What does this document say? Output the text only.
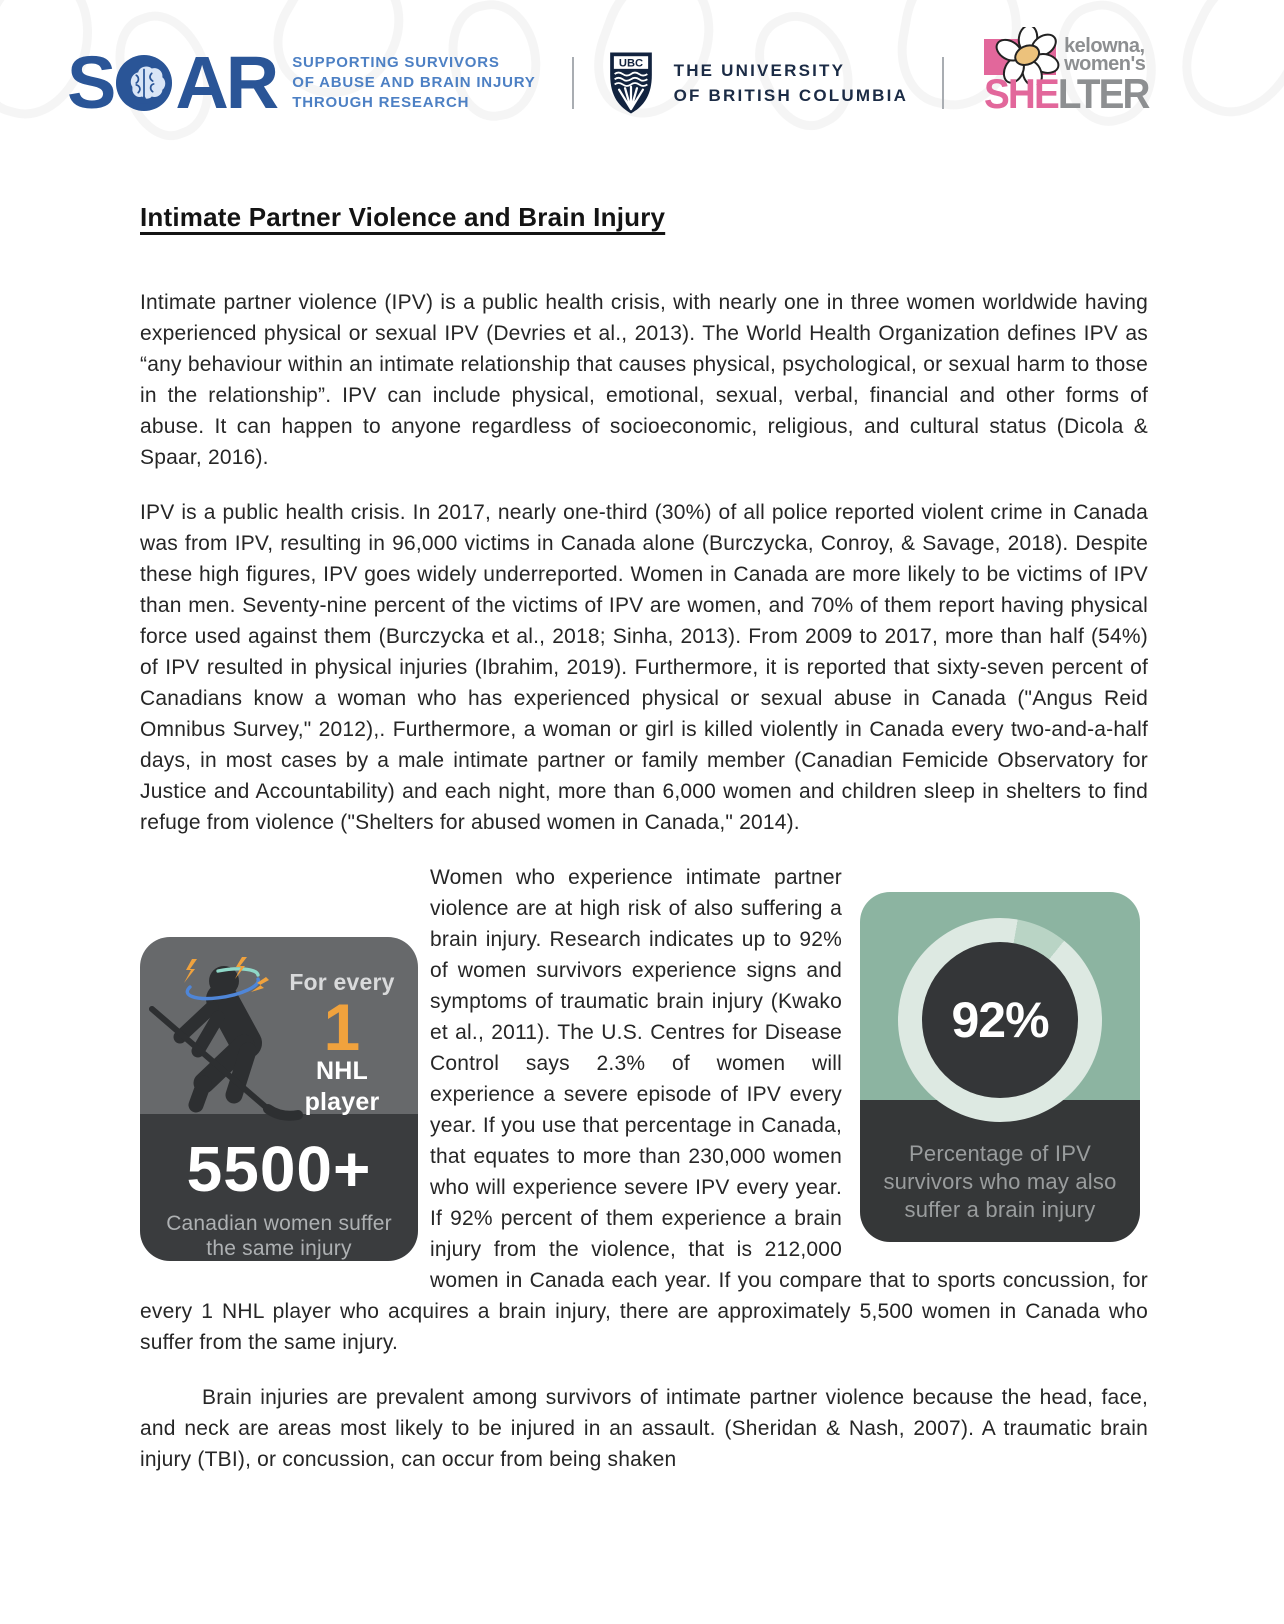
S AR SUPPORTING SURVIVORS
OF ABUSE AND BRAIN INJURY
THROUGH RESEARCH
UBC THE UNIVERSITY
OF BRITISH COLUMBIA
kelowna,
women's
SHELTER
Intimate Partner Violence and Brain Injury

Intimate partner violence (IPV) is a public health crisis, with nearly one in three women worldwide having experienced physical or sexual IPV (Devries et al., 2013). The World Health Organization defines IPV as “any behaviour within an intimate relationship that causes physical, psychological, or sexual harm to those in the relationship”. IPV can include physical, emotional, sexual, verbal, financial and other forms of abuse. It can happen to anyone regardless of socioeconomic, religious, and cultural status (Dicola & Spaar, 2016).

IPV is a public health crisis. In 2017, nearly one-third (30%) of all police reported violent crime in Canada was from IPV, resulting in 96,000 victims in Canada alone (Burczycka, Conroy, & Savage, 2018). Despite these high figures, IPV goes widely underreported. Women in Canada are more likely to be victims of IPV than men. Seventy-nine percent of the victims of IPV are women, and 70% of them report having physical force used against them (Burczycka et al., 2018; Sinha, 2013). From 2009 to 2017, more than half (54%) of IPV resulted in physical injuries (Ibrahim, 2019). Furthermore, it is reported that sixty-seven percent of Canadians know a woman who has experienced physical or sexual abuse in Canada ("Angus Reid Omnibus Survey," 2012),. Furthermore, a woman or girl is killed violently in Canada every two-and-a-half days, in most cases by a male intimate partner or family member (Canadian Femicide Observatory for Justice and Accountability) and each night, more than 6,000 women and children sleep in shelters to find refuge from violence ("Shelters for abused women in Canada," 2014).

92%
Percentage of IPV
survivors who may also
suffer a brain injury
For every
1
NHL player
5500+
Canadian women suffer
the same injury
Women who experience intimate partner violence are at high risk of also suffering a brain injury. Research indicates up to 92% of women survivors experience signs and symptoms of traumatic brain injury (Kwako et al., 2011). The U.S. Centres for Disease Control says 2.3% of women will experience a severe episode of IPV every year. If you use that percentage in Canada, that equates to more than 230,000 women who will experience severe IPV every year. If 92% percent of them experience a brain injury from the violence, that is 212,000 women in Canada each year. If you compare that to sports concussion, for every 1 NHL player who acquires a brain injury, there are approximately 5,500 women in Canada who suffer from the same injury.

Brain injuries are prevalent among survivors of intimate partner violence because the head, face, and neck are areas most likely to be injured in an assault. (Sheridan & Nash, 2007). A traumatic brain injury (TBI), or concussion, can occur from being shaken
